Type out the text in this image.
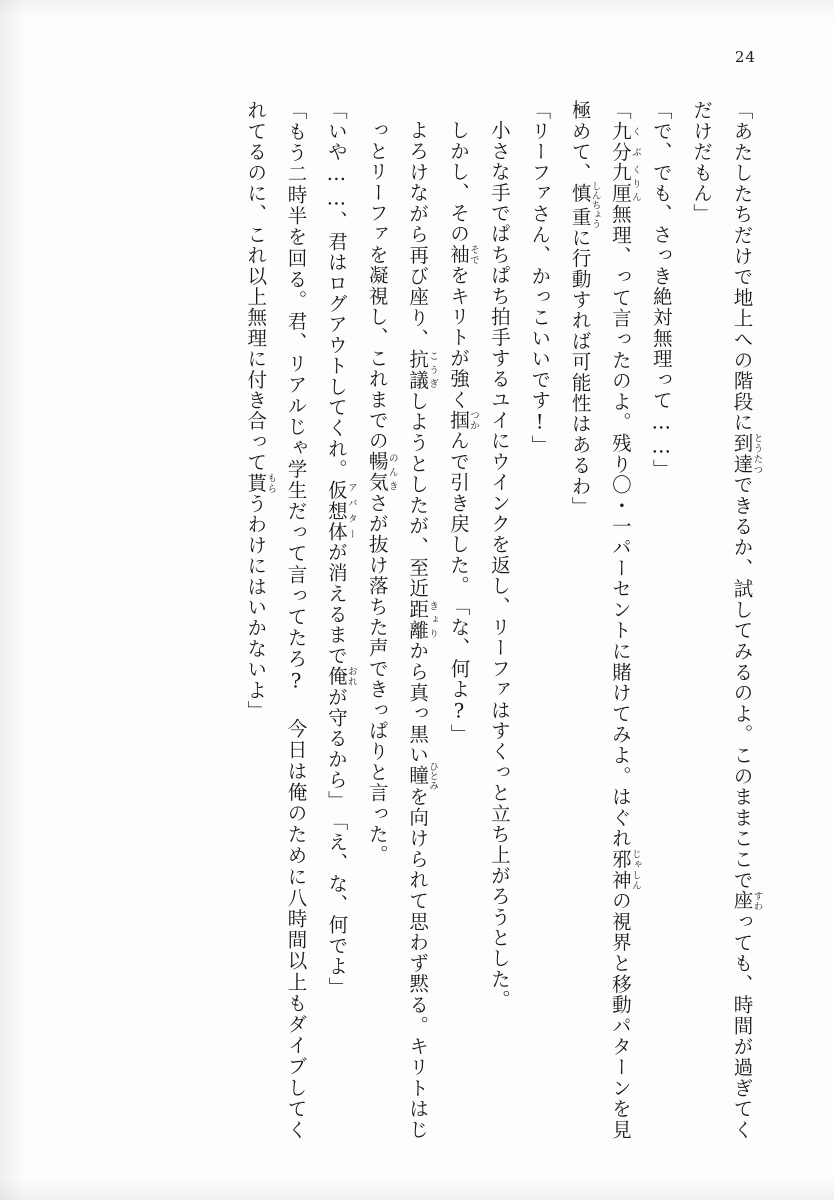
24

「あたしたちだけで地上への階段に到達とうたつできるか、試してみるのよ。このままここで座すわっても、時間が過ぎてくだけだもん」

「で、でも、さっき絶対無理って……」

「九分くぶ九厘くりん無理、って言ったのよ。残り〇・一パーセントに賭けてみよ。はぐれ邪神じゃしんの視界と移動パターンを見極めて、慎重しんちょうに行動すれば可能性はあるわ」

「リーファさん、かっこいいです!」

小さな手でぱちぱち拍手するユイにウインクを返し、リーファはすくっと立ち上がろうとした。

しかし、その袖そでをキリトが強く掴つかんで引き戻した。

「な、何よ?」

よろけながら再び座り、抗議こうぎしようとしたが、至近距離きょりから真っ黒い瞳ひとみを向けられて思わず黙る。キリトはじっとリーファを凝視し、これまでの暢気のんきさが抜け落ちた声できっぱりと言った。

「いや……、君はログアウトしてくれ。仮想体アバターが消えるまで俺おれが守るから」

「え、な、何でよ」

「もう二時半を回る。君、リアルじゃ学生だって言ってたろ? 今日は俺のために八時間以上もダイブしてくれてるのに、これ以上無理に付き合って貰もらうわけにはいかないよ」
